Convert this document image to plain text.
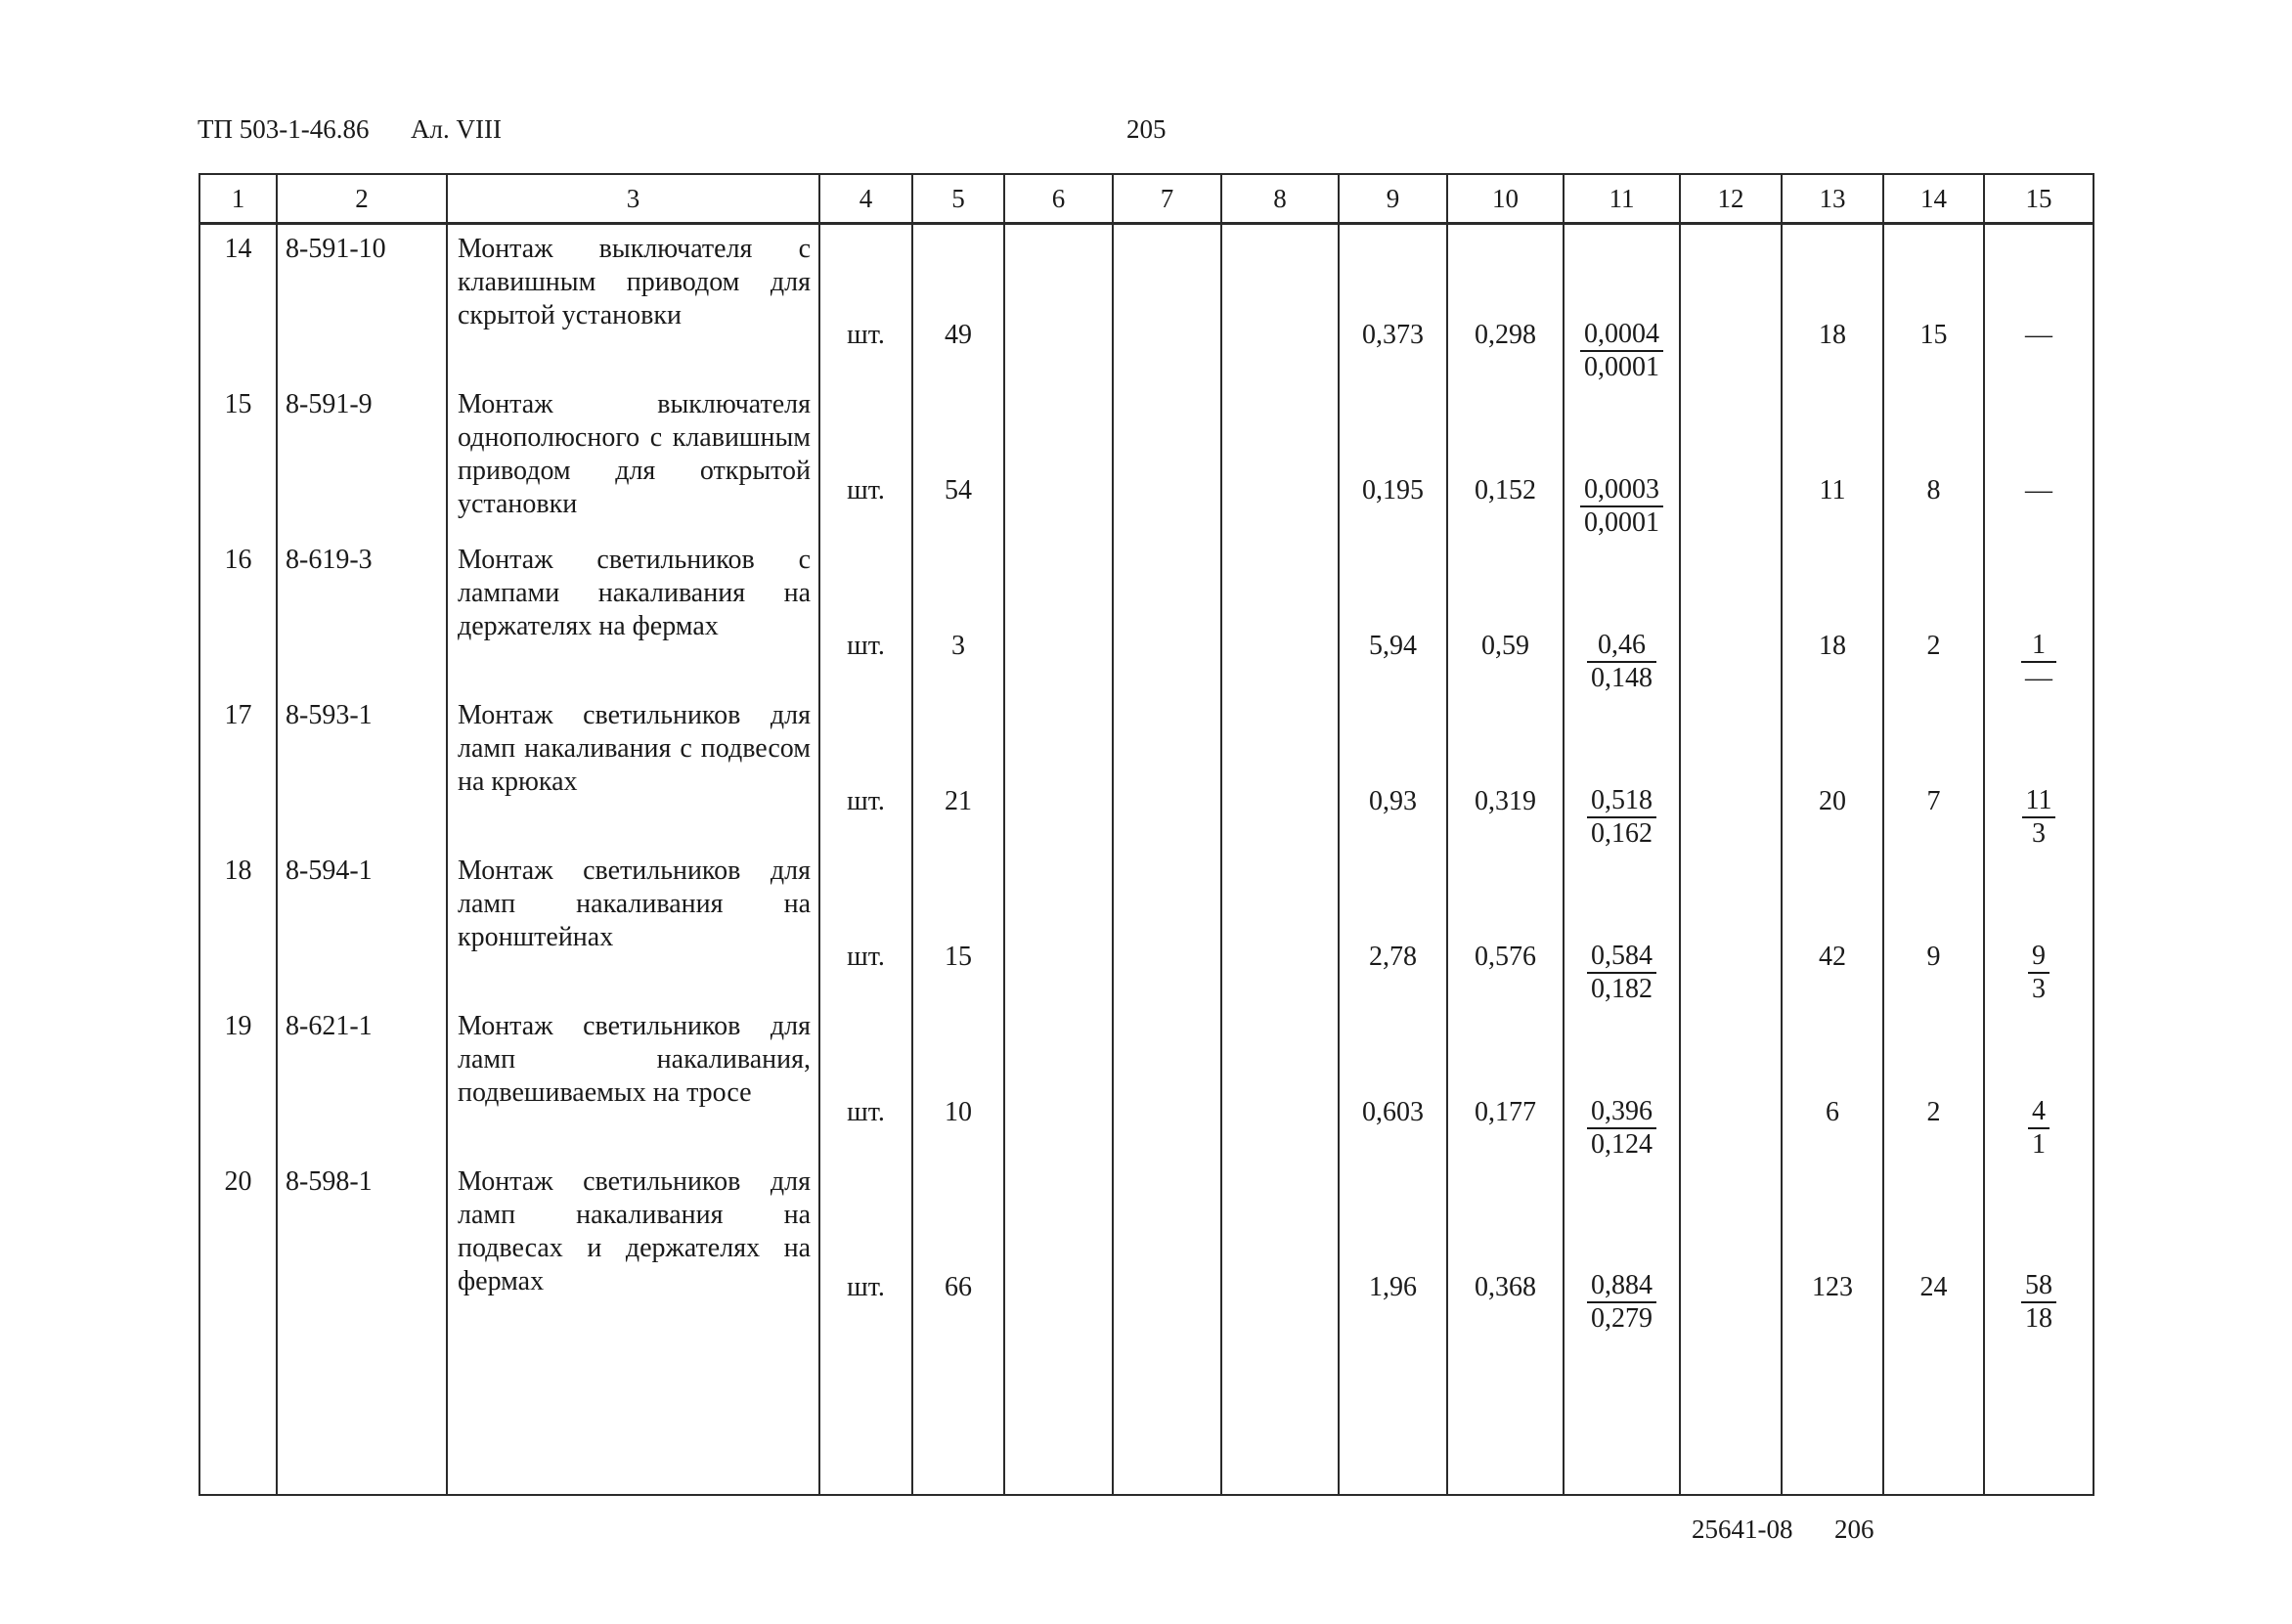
ТП 503-1-46.86 Ал. VIII	205
1	2	3	4	5	6	7	8	9	10	11	12	13	14	15
14	8-591-10	Монтаж выключателя с клавишным приводом для скрытой установки	шт.	49				0,373	0,298	$\frac{0,0004}{0,0001}$		18	15	—

15	8-591-9	Монтаж выключателя однополюсного с клавишным приводом для открытой установки	шт.	54				0,195	0,152	$\frac{0,0003}{0,0001}$		11	8	—

16	8-619-3	Монтаж светильников с лампами накаливания на держателях на фермах	шт.	3				5,94	0,59	$\frac{0,46}{0,148}$		18	2	$\frac{1}{—}$

17	8-593-1	Монтаж светильников для ламп накаливания с подвесом на крюках	шт.	21				0,93	0,319	$\frac{0,518}{0,162}$		20	7	$\frac{11}{3}$

18	8-594-1	Монтаж светильников для ламп накаливания на кронштейнах	шт.	15				2,78	0,576	$\frac{0,584}{0,182}$		42	9	$\frac{9}{3}$

19	8-621-1	Монтаж светильников для ламп накаливания, подвешиваемых на тросе	шт.	10				0,603	0,177	$\frac{0,396}{0,124}$		6	2	$\frac{4}{1}$

20	8-598-1	Монтаж светильников для ламп накаливания на подвесах и держателях на фермах	шт.	66				1,96	0,368	$\frac{0,884}{0,279}$		123	24	$\frac{58}{18}$

25641-08 206
